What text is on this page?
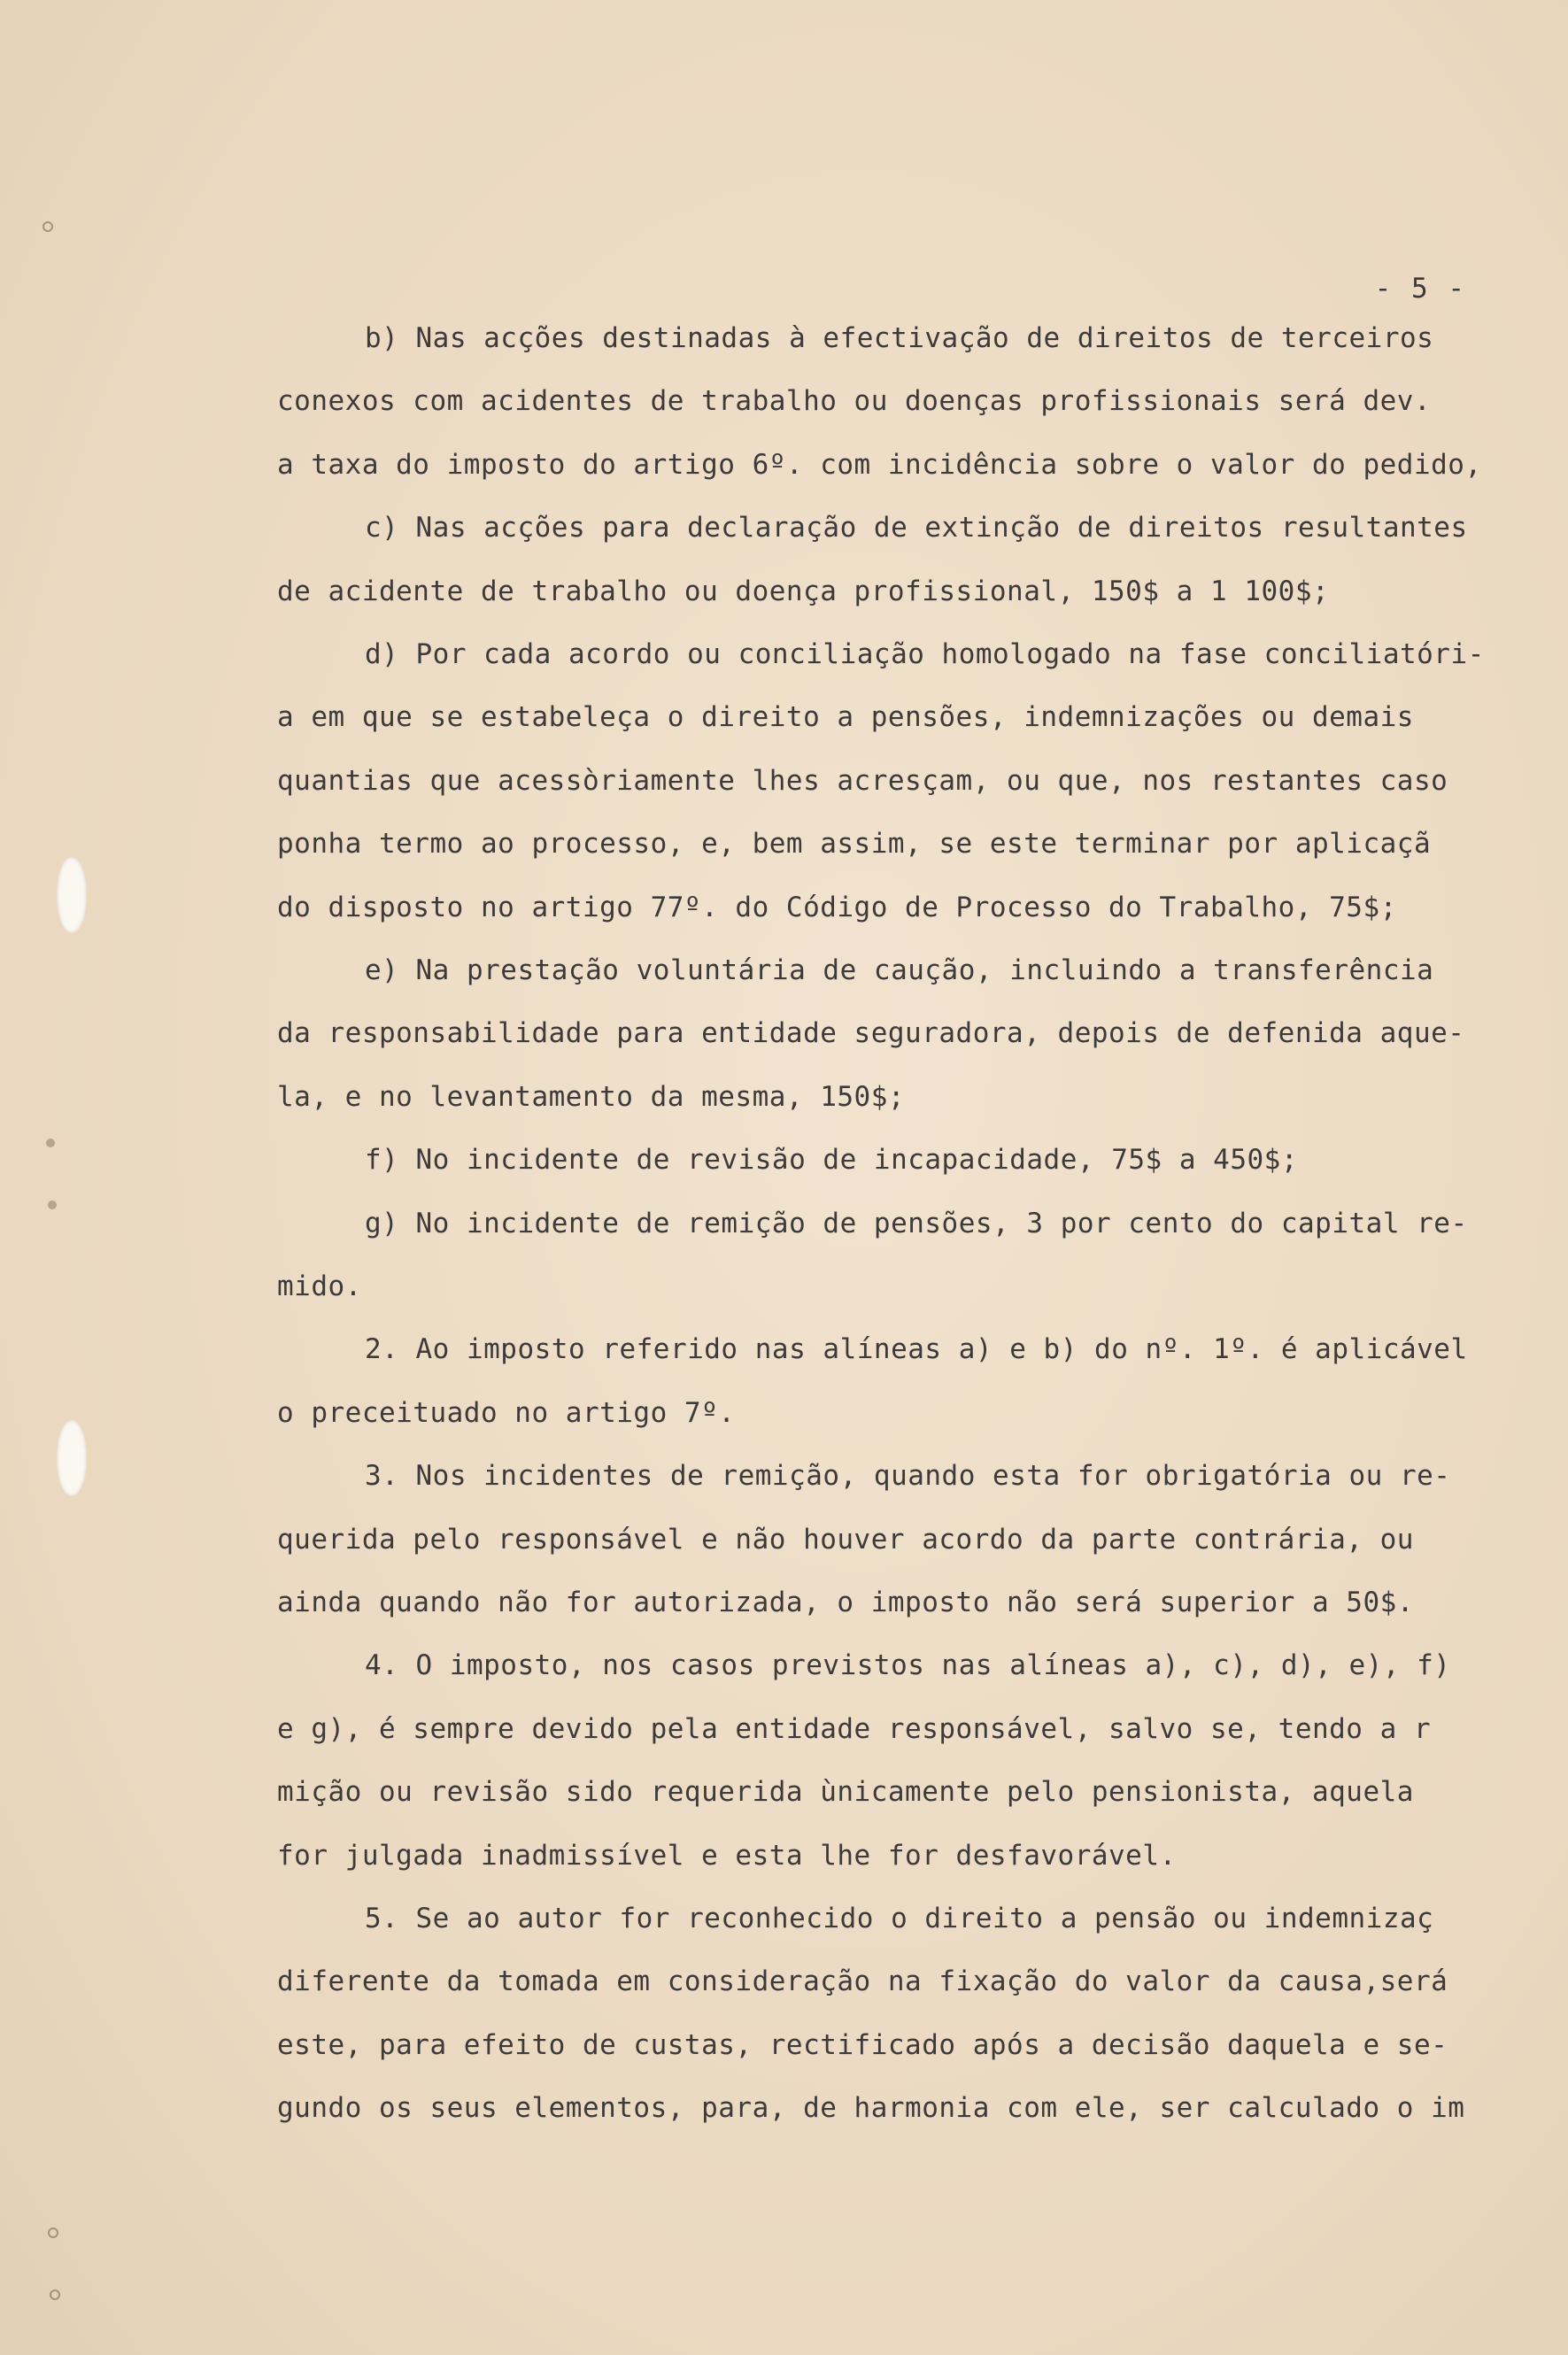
- 5 -
b) Nas acções destinadas à efectivação de direitos de terceiros
conexos com acidentes de trabalho ou doenças profissionais será dev.
a taxa do imposto do artigo 6º. com incidência sobre o valor do pedido,
c) Nas acções para declaração de extinção de direitos resultantes
de acidente de trabalho ou doença profissional, 150$ a 1 100$;
d) Por cada acordo ou conciliação homologado na fase conciliatóri-
a em que se estabeleça o direito a pensões, indemnizações ou demais
quantias que acessòriamente lhes acresçam, ou que, nos restantes caso
ponha termo ao processo, e, bem assim, se este terminar por aplicaçã
do disposto no artigo 77º. do Código de Processo do Trabalho, 75$;
e) Na prestação voluntária de caução, incluindo a transferência
da responsabilidade para entidade seguradora, depois de defenida aque-
la, e no levantamento da mesma, 150$;
f) No incidente de revisão de incapacidade, 75$ a 450$;
g) No incidente de remição de pensões, 3 por cento do capital re-
mido.
2. Ao imposto referido nas alíneas a) e b) do nº. 1º. é aplicável
o preceituado no artigo 7º.
3. Nos incidentes de remição, quando esta for obrigatória ou re-
querida pelo responsável e não houver acordo da parte contrária, ou
ainda quando não for autorizada, o imposto não será superior a 50$.
4. O imposto, nos casos previstos nas alíneas a), c), d), e), f)
e g), é sempre devido pela entidade responsável, salvo se, tendo a r
mição ou revisão sido requerida ùnicamente pelo pensionista, aquela
for julgada inadmissível e esta lhe for desfavorável.
5. Se ao autor for reconhecido o direito a pensão ou indemnizaç
diferente da tomada em consideração na fixação do valor da causa,será
este, para efeito de custas, rectificado após a decisão daquela e se-
gundo os seus elementos, para, de harmonia com ele, ser calculado o im
